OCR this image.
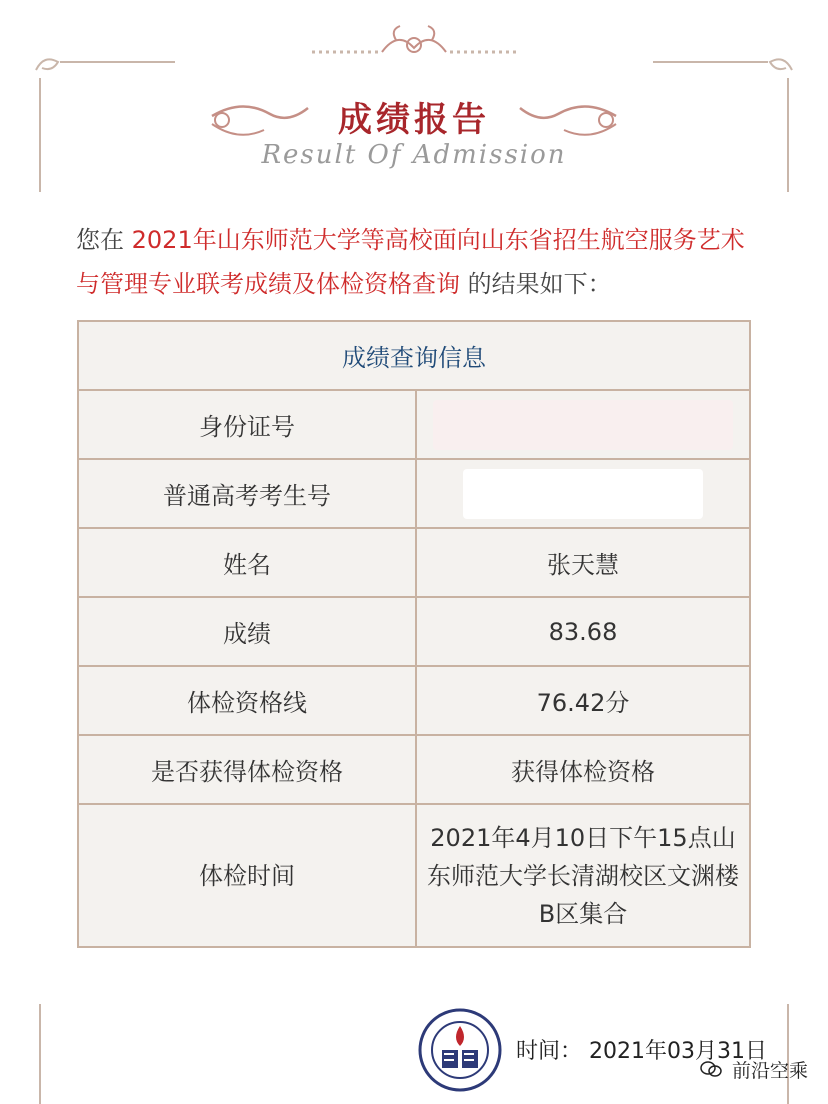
成绩报告
Result Of Admission
您在 2021年山东师范大学等高校面向山东省招生航空服务艺术与管理专业联考成绩及体检资格查询 的结果如下：
成绩查询信息	
身份证号	
普通高考考生号	
姓名	张天慧
成绩	83.68
体检资格线	76.42分
是否获得体检资格	获得体检资格
体检时间	2021年4月10日下午15点山东师范大学长清湖校区文渊楼B区集合
时间： 2021年03月31日
前沿空乘
